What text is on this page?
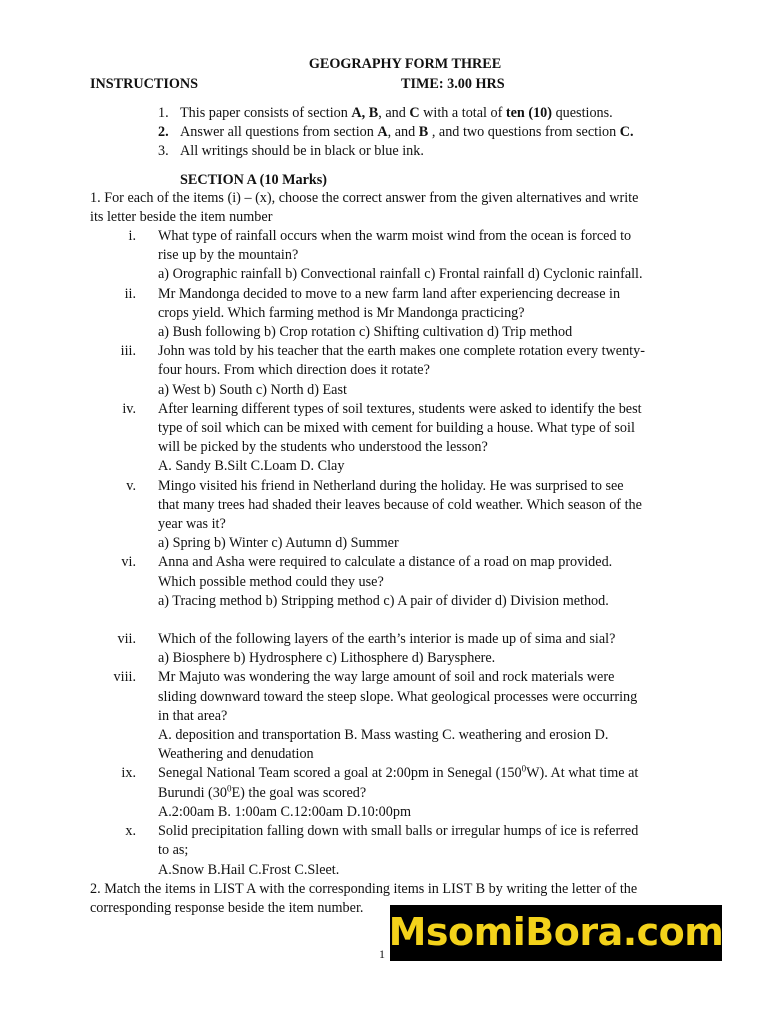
GEOGRAPHY FORM THREE
INSTRUCTIONS	TIME: 3.00 HRS
1. This paper consists of section A, B, and C with a total of ten (10) questions.
2. Answer all questions from section A, and B , and two questions from section C.
3. All writings should be in black or blue ink.
SECTION A (10 Marks)
1. For each of the items (i) – (x), choose the correct answer from the given alternatives and write
its letter beside the item number
i. What type of rainfall occurs when the warm moist wind from the ocean is forced to
rise up by the mountain?
a) Orographic rainfall b) Convectional rainfall c) Frontal rainfall d) Cyclonic rainfall.
ii. Mr Mandonga decided to move to a new farm land after experiencing decrease in
crops yield. Which farming method is Mr Mandonga practicing?
a) Bush following b) Crop rotation c) Shifting cultivation d) Trip method
iii. John was told by his teacher that the earth makes one complete rotation every twenty-
four hours. From which direction does it rotate?
a) West b) South c) North d) East
iv. After learning different types of soil textures, students were asked to identify the best
type of soil which can be mixed with cement for building a house. What type of soil
will be picked by the students who understood the lesson?
A. Sandy B.Silt C.Loam D. Clay
v. Mingo visited his friend in Netherland during the holiday. He was surprised to see
that many trees had shaded their leaves because of cold weather. Which season of the
year was it?
a) Spring b) Winter c) Autumn d) Summer
vi. Anna and Asha were required to calculate a distance of a road on map provided.
Which possible method could they use?
a) Tracing method b) Stripping method c) A pair of divider d) Division method.
vii. Which of the following layers of the earth’s interior is made up of sima and sial?
a) Biosphere b) Hydrosphere c) Lithosphere d) Barysphere.
viii. Mr Majuto was wondering the way large amount of soil and rock materials were
sliding downward toward the steep slope. What geological processes were occurring
in that area?
A. deposition and transportation B. Mass wasting C. weathering and erosion D.
Weathering and denudation
ix. Senegal National Team scored a goal at 2:00pm in Senegal $(150^0W)$. At what time at
Burundi $(30^0E)$ the goal was scored?
A.2:00am B. 1:00am C.12:00am D.10:00pm
x. Solid precipitation falling down with small balls or irregular humps of ice is referred
to as;
A.Snow B.Hail C.Frost C.Sleet.
2. Match the items in LIST A with the corresponding items in LIST B by writing the letter of the
corresponding response beside the item number.
1 MsomiBora.com
